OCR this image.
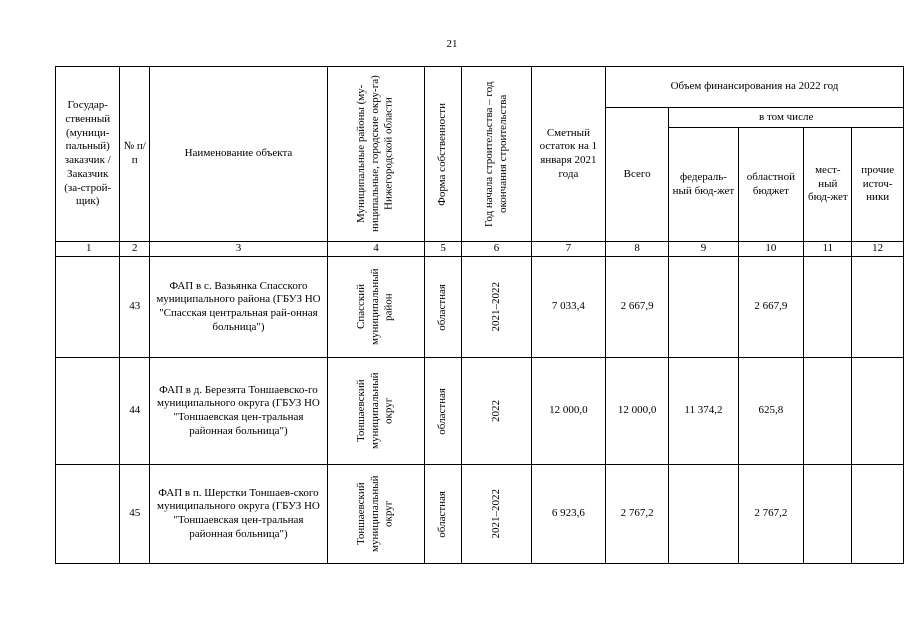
21
Государ-ственный (муници-пальный) заказчик / Заказчик (за-строй-щик)	№ п/п	Наименование объекта	Муниципальные районы (му-ниципальные, городские окру-га) Нижегородской области	Форма собственности	Год начала строительства – год окончания строительства	Сметный остаток на 1 января 2021 года	Объем финансирования на 2022 год				
							Всего	в том числе			
								федераль-ный бюд-жет	областной бюджет	мест-ный бюд-жет	прочие источ-ники
1	2	3	4	5	6	7	8	9	10	11	12
	43	ФАП в с. Вазьянка Спасского муниципального района (ГБУЗ НО "Спасская центральная рай-онная больница")	Спасский муниципальный район	областная	2021–2022	7 033,4	2 667,9		2 667,9		
	44	ФАП в д. Березята Тоншаевско-го муниципального округа (ГБУЗ НО "Тоншаевская цен-тральная районная больница")	Тоншаевский муниципальный округ	областная	2022	12 000,0	12 000,0	11 374,2	625,8		
	45	ФАП в п. Шерстки Тоншаев-ского муниципального округа (ГБУЗ НО "Тоншаевская цен-тральная районная больница")	Тоншаевский муниципальный округ	областная	2021–2022	6 923,6	2 767,2		2 767,2		
